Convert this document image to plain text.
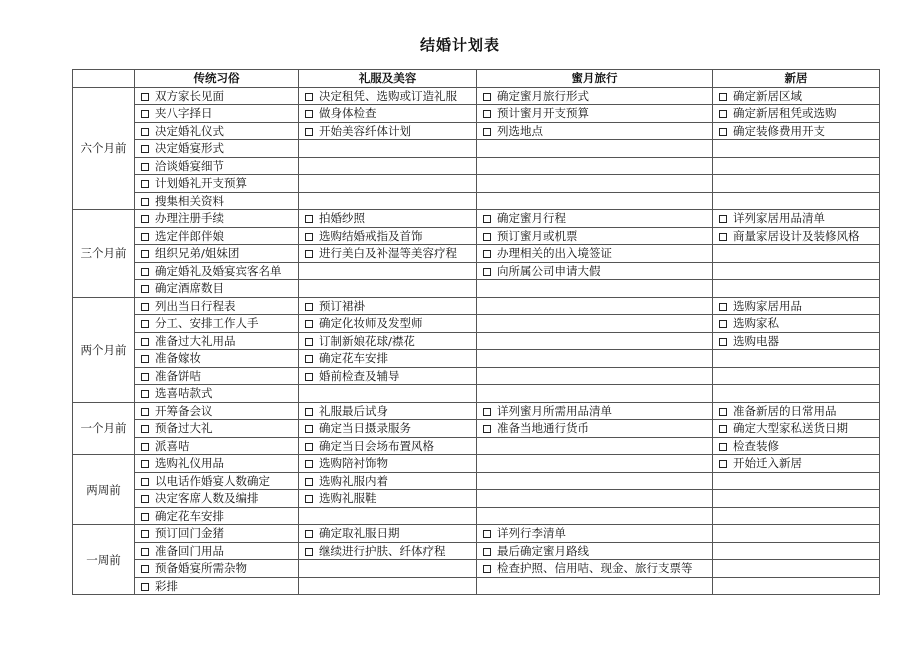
结婚计划表
	传统习俗	礼服及美容	蜜月旅行	新居
六个月前	双方家长见面	决定租凭、选购或订造礼服	确定蜜月旅行形式	确定新居区域
	夹八字择日	做身体检查	预计蜜月开支预算	确定新居租凭或选购
	决定婚礼仪式	开始美容纤体计划	列选地点	确定装修费用开支
	决定婚宴形式			
	洽谈婚宴细节			
	计划婚礼开支预算			
	搜集相关资料			
三个月前	办理注册手续	拍婚纱照	确定蜜月行程	详列家居用品清单
	选定伴郎伴娘	选购结婚戒指及首饰	预订蜜月或机票	商量家居设计及装修风格
	组织兄弟/姐妹团	进行美白及补湿等美容疗程	办理相关的出入境签证	
	确定婚礼及婚宴宾客名单		向所属公司申请大假	
	确定酒席数目			
两个月前	列出当日行程表	预订裙褂		选购家居用品
	分工、安排工作人手	确定化妆师及发型师		选购家私
	准备过大礼用品	订制新娘花球/襟花		选购电器
	准备嫁妆	确定花车安排		
	准备饼咭	婚前检查及辅导		
	选喜咭款式			
一个月前	开筹备会议	礼服最后试身	详列蜜月所需用品清单	准备新居的日常用品
	预备过大礼	确定当日摄录服务	准备当地通行货币	确定大型家私送货日期
	派喜咭	确定当日会场布置风格		检查装修
两周前	选购礼仪用品	选购陪衬饰物		开始迁入新居
	以电话作婚宴人数确定	选购礼服内着		
	决定客席人数及编排	选购礼服鞋		
	确定花车安排			
一周前	预订回门金猪	确定取礼服日期	详列行李清单	
	准备回门用品	继续进行护肤、纤体疗程	最后确定蜜月路线	
	预备婚宴所需杂物		检查护照、信用咭、现金、旅行支票等	
	彩排			
